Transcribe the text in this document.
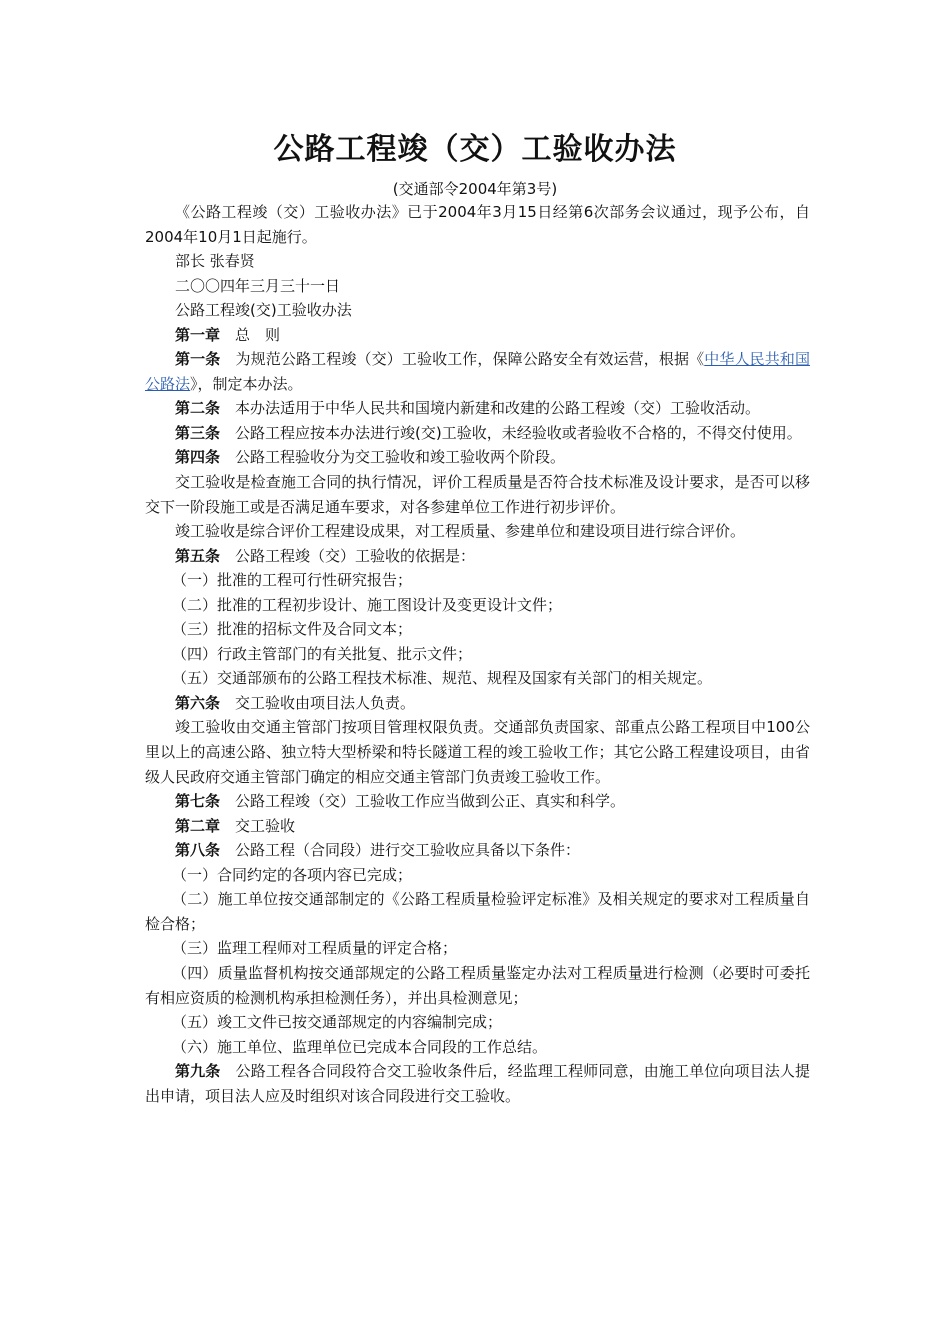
公路工程竣（交）工验收办法
(交通部令2004年第3号)

《公路工程竣（交）工验收办法》已于2004年3月15日经第6次部务会议通过，现予公布，自2004年10月1日起施行。

部长 张春贤

二〇〇四年三月三十一日

公路工程竣(交)工验收办法

第一章 总　则

第一条 为规范公路工程竣（交）工验收工作，保障公路安全有效运营，根据《中华人民共和国公路法》，制定本办法。

第二条 本办法适用于中华人民共和国境内新建和改建的公路工程竣（交）工验收活动。

第三条 公路工程应按本办法进行竣(交)工验收，未经验收或者验收不合格的，不得交付使用。

第四条 公路工程验收分为交工验收和竣工验收两个阶段。

交工验收是检查施工合同的执行情况，评价工程质量是否符合技术标准及设计要求，是否可以移交下一阶段施工或是否满足通车要求，对各参建单位工作进行初步评价。

竣工验收是综合评价工程建设成果，对工程质量、参建单位和建设项目进行综合评价。

第五条 公路工程竣（交）工验收的依据是：

（一）批准的工程可行性研究报告；

（二）批准的工程初步设计、施工图设计及变更设计文件；

（三）批准的招标文件及合同文本；

（四）行政主管部门的有关批复、批示文件；

（五）交通部颁布的公路工程技术标准、规范、规程及国家有关部门的相关规定。

第六条 交工验收由项目法人负责。

竣工验收由交通主管部门按项目管理权限负责。交通部负责国家、部重点公路工程项目中100公里以上的高速公路、独立特大型桥梁和特长隧道工程的竣工验收工作；其它公路工程建设项目，由省级人民政府交通主管部门确定的相应交通主管部门负责竣工验收工作。

第七条 公路工程竣（交）工验收工作应当做到公正、真实和科学。

第二章 交工验收

第八条 公路工程（合同段）进行交工验收应具备以下条件：

（一）合同约定的各项内容已完成；

（二）施工单位按交通部制定的《公路工程质量检验评定标准》及相关规定的要求对工程质量自检合格；

（三）监理工程师对工程质量的评定合格；

（四）质量监督机构按交通部规定的公路工程质量鉴定办法对工程质量进行检测（必要时可委托有相应资质的检测机构承担检测任务），并出具检测意见；

（五）竣工文件已按交通部规定的内容编制完成；

（六）施工单位、监理单位已完成本合同段的工作总结。

第九条 公路工程各合同段符合交工验收条件后，经监理工程师同意，由施工单位向项目法人提出申请，项目法人应及时组织对该合同段进行交工验收。
